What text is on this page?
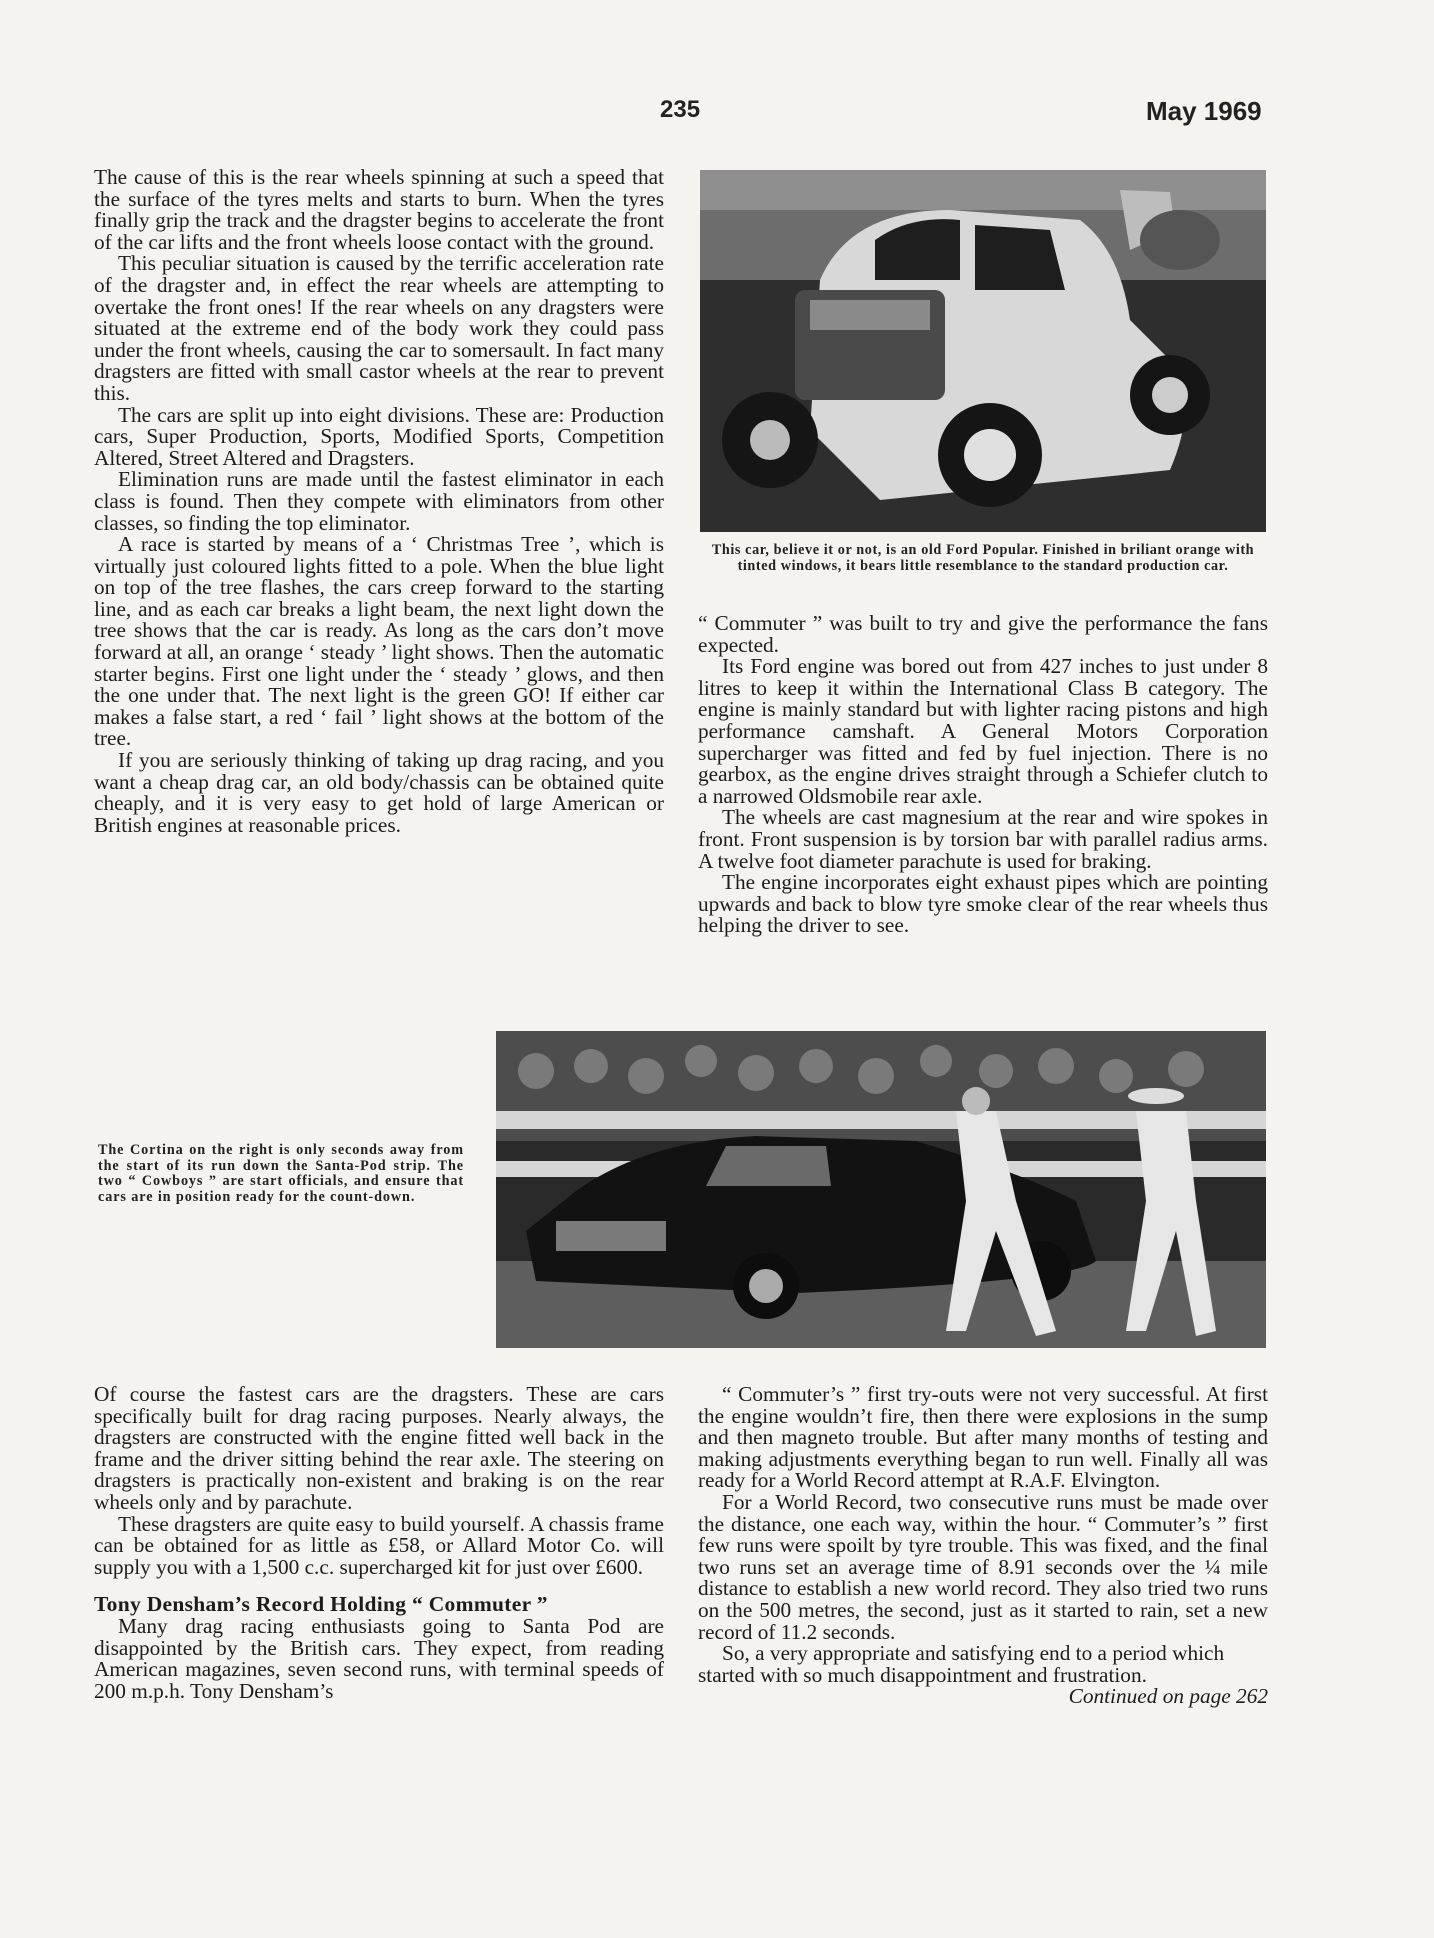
235	May 1969

The cause of this is the rear wheels spinning at such a speed that the surface of the tyres melts and starts to burn. When the tyres finally grip the track and the dragster begins to accelerate the front of the car lifts and the front wheels loose contact with the ground.

This peculiar situation is caused by the terrific acceleration rate of the dragster and, in effect the rear wheels are attempting to overtake the front ones! If the rear wheels on any dragsters were situated at the extreme end of the body work they could pass under the front wheels, causing the car to somersault. In fact many dragsters are fitted with small castor wheels at the rear to prevent this.

The cars are split up into eight divisions. These are: Production cars, Super Production, Sports, Modified Sports, Competition Altered, Street Altered and Dragsters.

Elimination runs are made until the fastest eliminator in each class is found. Then they compete with eliminators from other classes, so finding the top eliminator.

A race is started by means of a ‘ Christmas Tree ’, which is virtually just coloured lights fitted to a pole. When the blue light on top of the tree flashes, the cars creep forward to the starting line, and as each car breaks a light beam, the next light down the tree shows that the car is ready. As long as the cars don’t move forward at all, an orange ‘ steady ’ light shows. Then the automatic starter begins. First one light under the ‘ steady ’ glows, and then the one under that. The next light is the green GO! If either car makes a false start, a red ‘ fail ’ light shows at the bottom of the tree.

If you are seriously thinking of taking up drag racing, and you want a cheap drag car, an old body/chassis can be obtained quite cheaply, and it is very easy to get hold of large American or British engines at reasonable prices.

This car, believe it or not, is an old Ford Popular. Finished in briliant orange with tinted windows, it bears little resemblance to the standard production car.

“ Commuter ” was built to try and give the performance the fans expected.

Its Ford engine was bored out from 427 inches to just under 8 litres to keep it within the International Class B category. The engine is mainly standard but with lighter racing pistons and high performance camshaft. A General Motors Corporation supercharger was fitted and fed by fuel injection. There is no gearbox, as the engine drives straight through a Schiefer clutch to a narrowed Oldsmobile rear axle.

The wheels are cast magnesium at the rear and wire spokes in front. Front suspension is by torsion bar with parallel radius arms. A twelve foot diameter parachute is used for braking.

The engine incorporates eight exhaust pipes which are pointing upwards and back to blow tyre smoke clear of the rear wheels thus helping the driver to see.

The Cortina on the right is only seconds away from the start of its run down the Santa-Pod strip. The two “ Cowboys ” are start officials, and ensure that cars are in position ready for the count-down.

Of course the fastest cars are the dragsters. These are cars specifically built for drag racing purposes. Nearly always, the dragsters are constructed with the engine fitted well back in the frame and the driver sitting behind the rear axle. The steering on dragsters is practically non-existent and braking is on the rear wheels only and by parachute.

These dragsters are quite easy to build yourself. A chassis frame can be obtained for as little as £58, or Allard Motor Co. will supply you with a 1,500 c.c. supercharged kit for just over £600.

Tony Densham’s Record Holding “ Commuter ”

Many drag racing enthusiasts going to Santa Pod are disappointed by the British cars. They expect, from reading American magazines, seven second runs, with terminal speeds of 200 m.p.h. Tony Densham’s

“ Commuter’s ” first try-outs were not very successful. At first the engine wouldn’t fire, then there were explosions in the sump and then magneto trouble. But after many months of testing and making adjustments everything began to run well. Finally all was ready for a World Record attempt at R.A.F. Elvington.

For a World Record, two consecutive runs must be made over the distance, one each way, within the hour. “ Commuter’s ” first few runs were spoilt by tyre trouble. This was fixed, and the final two runs set an average time of 8.91 seconds over the ¼ mile distance to establish a new world record. They also tried two runs on the 500 metres, the second, just as it started to rain, set a new record of 11.2 seconds.

So, a very appropriate and satisfying end to a period which started with so much disappointment and frustration.
Continued on page 262
